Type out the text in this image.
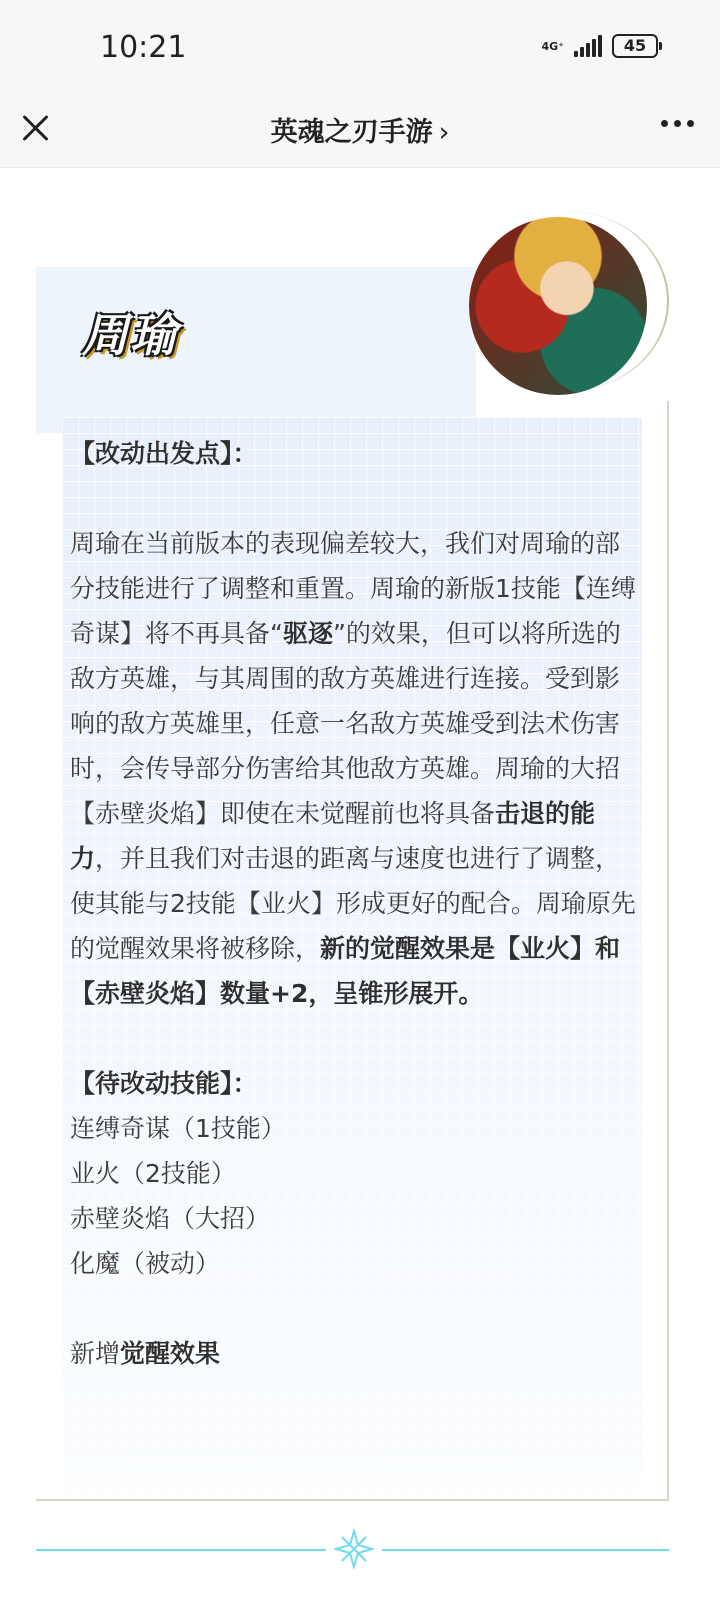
10:21	4G⁺	45
英魂之刃手游 ›
周瑜

【改动出发点】：

周瑜在当前版本的表现偏差较大，我们对周瑜的部分技能进行了调整和重置。周瑜的新版1技能【连缚奇谋】将不再具备“驱逐”的效果，但可以将所选的敌方英雄，与其周围的敌方英雄进行连接。受到影响的敌方英雄里，任意一名敌方英雄受到法术伤害时，会传导部分伤害给其他敌方英雄。周瑜的大招【赤壁炎焰】即使在未觉醒前也将具备击退的能力，并且我们对击退的距离与速度也进行了调整，使其能与2技能【业火】形成更好的配合。周瑜原先的觉醒效果将被移除，新的觉醒效果是【业火】和【赤壁炎焰】数量+2，呈锥形展开。

【待改动技能】：

连缚奇谋（1技能）

业火（2技能）

赤壁炎焰（大招）

化魔（被动）

新增觉醒效果
